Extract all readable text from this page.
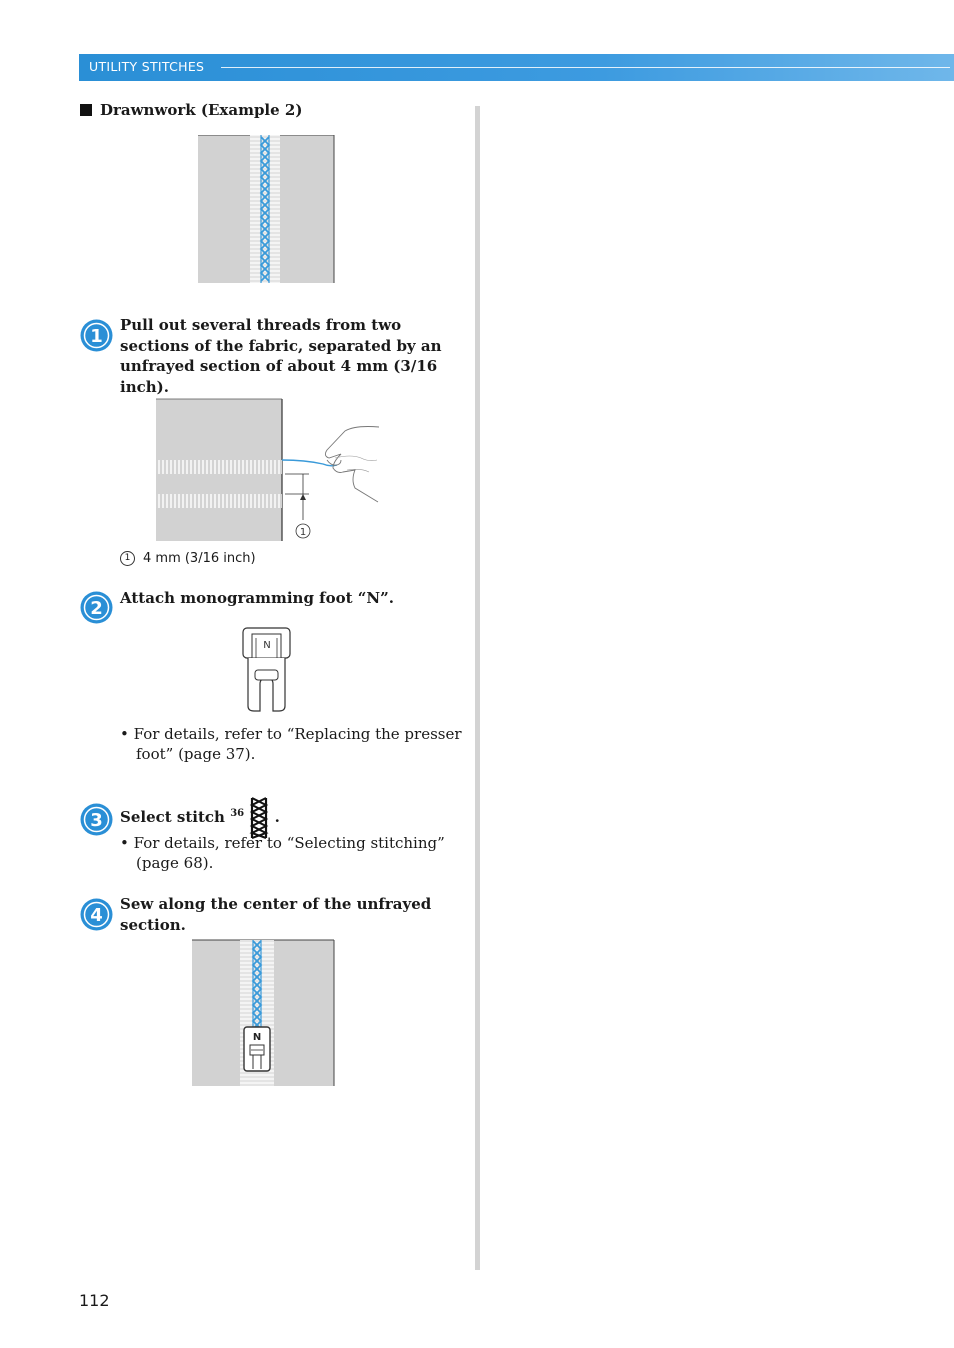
UTILITY STITCHES
Drawnwork (Example 2)
1
Pull out several threads from two sections of the fabric, separated by an unfrayed section of about 4 mm (3/16 inch).
1
1 4 mm (3/16 inch)
2 Attach monogramming foot “N”.
N
• For details, refer to “Replacing the presser foot” (page 37).
3 Select stitch $^{36}$ .
• For details, refer to “Selecting stitching” (page 68).
4
Sew along the center of the unfrayed section.
N
112
